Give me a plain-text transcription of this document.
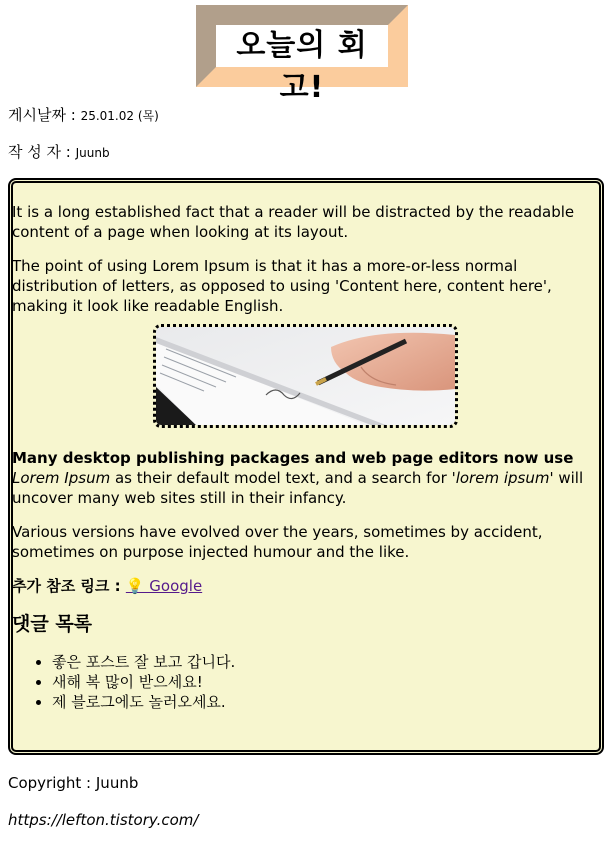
오늘의 회고!
게시날짜 : 25.01.02 (목)
작 성 자 : Juunb

It is a long established fact that a reader will be distracted by the readable content of a page when looking at its layout.

The point of using Lorem Ipsum is that it has a more-or-less normal distribution of letters, as opposed to using 'Content here, content here', making it look like readable English.

Many desktop publishing packages and web page editors now use Lorem Ipsum as their default model text, and a search for 'lorem ipsum' will uncover many web sites still in their infancy.

Various versions have evolved over the years, sometimes by accident, sometimes on purpose injected humour and the like.

추가 참조 링크 : 💡 Google
댓글 목록
• 좋은 포스트 잘 보고 갑니다.
• 새해 복 많이 받으세요!
• 제 블로그에도 놀러오세요.
Copyright : Juunb
https://lefton.tistory.com/
